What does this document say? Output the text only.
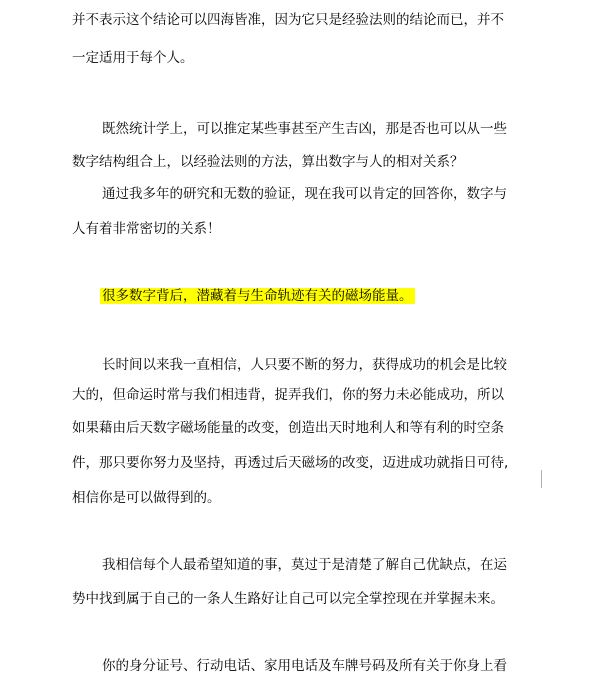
并不表示这个结论可以四海皆准，因为它只是经验法则的结论而已，并不
一定适用于每个人。
既然统计学上，可以推定某些事甚至产生吉凶，那是否也可以从一些
数字结构组合上，以经验法则的方法，算出数字与人的相对关系？
通过我多年的研究和无数的验证，现在我可以肯定的回答你，数字与
人有着非常密切的关系！
很多数字背后，潜藏着与生命轨迹有关的磁场能量。
长时间以来我一直相信，人只要不断的努力，获得成功的机会是比较
大的，但命运时常与我们相违背，捉弄我们，你的努力未必能成功，所以
如果藉由后天数字磁场能量的改变，创造出天时地利人和等有利的时空条
件，那只要你努力及坚持，再透过后天磁场的改变，迈进成功就指日可待,
相信你是可以做得到的。
我相信每个人最希望知道的事，莫过于是清楚了解自己优缺点，在运
势中找到属于自己的一条人生路好让自己可以完全掌控现在并掌握未来。
你的身分证号、行动电话、家用电话及车牌号码及所有关于你身上看
